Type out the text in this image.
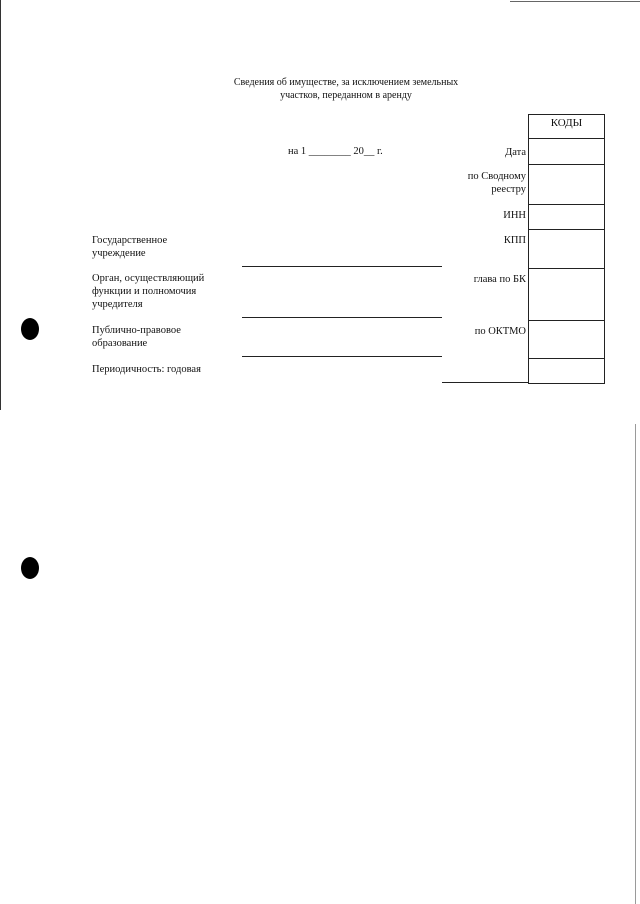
Сведения об имуществе, за исключением земельных
участков, переданном в аренду
на 1 ________ 20__ г.
КОДЫ
Дата
по Сводному
реестру
ИНН
КПП
глава по БК
по ОКТМО
Государственное
учреждение
Орган, осуществляющий
функции и полномочия
учредителя
Публично-правовое
образование
Периодичность: годовая
